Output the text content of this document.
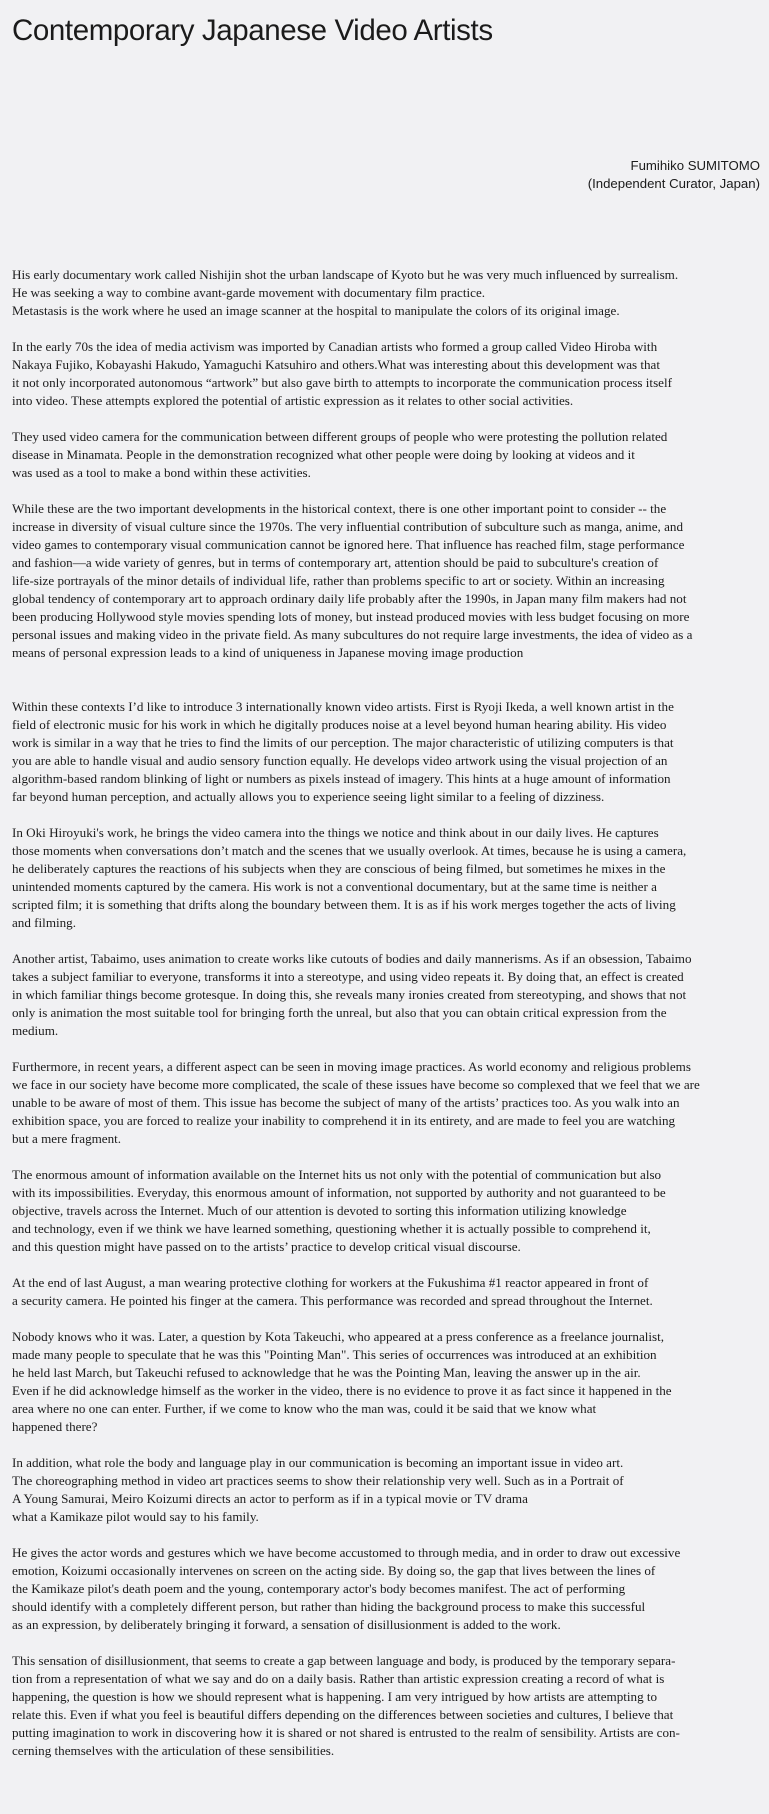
Contemporary Japanese Video Artists
Fumihiko SUMITOMO
(Independent Curator, Japan)

His early documentary work called Nishijin shot the urban landscape of Kyoto but he was very much influenced by surrealism.
He was seeking a way to combine avant-garde movement with documentary film practice.
Metastasis is the work where he used an image scanner at the hospital to manipulate the colors of its original image.

In the early 70s the idea of media activism was imported by Canadian artists who formed a group called Video Hiroba with
Nakaya Fujiko, Kobayashi Hakudo, Yamaguchi Katsuhiro and others.What was interesting about this development was that
it not only incorporated autonomous “artwork” but also gave birth to attempts to incorporate the communication process itself
into video. These attempts explored the potential of artistic expression as it relates to other social activities.

They used video camera for the communication between different groups of people who were protesting the pollution related
disease in Minamata. People in the demonstration recognized what other people were doing by looking at videos and it
was used as a tool to make a bond within these activities.

While these are the two important developments in the historical context, there is one other important point to consider -- the
increase in diversity of visual culture since the 1970s. The very influential contribution of subculture such as manga, anime, and
video games to contemporary visual communication cannot be ignored here. That influence has reached film, stage performance
and fashion—a wide variety of genres, but in terms of contemporary art, attention should be paid to subculture's creation of
life-size portrayals of the minor details of individual life, rather than problems specific to art or society. Within an increasing
global tendency of contemporary art to approach ordinary daily life probably after the 1990s, in Japan many film makers had not
been producing Hollywood style movies spending lots of money, but instead produced movies with less budget focusing on more
personal issues and making video in the private field. As many subcultures do not require large investments, the idea of video as a
means of personal expression leads to a kind of uniqueness in Japanese moving image production

Within these contexts I’d like to introduce 3 internationally known video artists. First is Ryoji Ikeda, a well known artist in the
field of electronic music for his work in which he digitally produces noise at a level beyond human hearing ability. His video
work is similar in a way that he tries to find the limits of our perception. The major characteristic of utilizing computers is that
you are able to handle visual and audio sensory function equally. He develops video artwork using the visual projection of an
algorithm-based random blinking of light or numbers as pixels instead of imagery. This hints at a huge amount of information
far beyond human perception, and actually allows you to experience seeing light similar to a feeling of dizziness.

In Oki Hiroyuki's work, he brings the video camera into the things we notice and think about in our daily lives. He captures
those moments when conversations don’t match and the scenes that we usually overlook. At times, because he is using a camera,
he deliberately captures the reactions of his subjects when they are conscious of being filmed, but sometimes he mixes in the
unintended moments captured by the camera. His work is not a conventional documentary, but at the same time is neither a
scripted film; it is something that drifts along the boundary between them. It is as if his work merges together the acts of living
and filming.

Another artist, Tabaimo, uses animation to create works like cutouts of bodies and daily mannerisms. As if an obsession, Tabaimo
takes a subject familiar to everyone, transforms it into a stereotype, and using video repeats it. By doing that, an effect is created
in which familiar things become grotesque. In doing this, she reveals many ironies created from stereotyping, and shows that not
only is animation the most suitable tool for bringing forth the unreal, but also that you can obtain critical expression from the
medium.

Furthermore, in recent years, a different aspect can be seen in moving image practices. As world economy and religious problems
we face in our society have become more complicated, the scale of these issues have become so complexed that we feel that we are
unable to be aware of most of them. This issue has become the subject of many of the artists’ practices too. As you walk into an
exhibition space, you are forced to realize your inability to comprehend it in its entirety, and are made to feel you are watching
but a mere fragment.

The enormous amount of information available on the Internet hits us not only with the potential of communication but also
with its impossibilities. Everyday, this enormous amount of information, not supported by authority and not guaranteed to be
objective, travels across the Internet. Much of our attention is devoted to sorting this information utilizing knowledge
and technology, even if we think we have learned something, questioning whether it is actually possible to comprehend it,
and this question might have passed on to the artists’ practice to develop critical visual discourse.

At the end of last August, a man wearing protective clothing for workers at the Fukushima #1 reactor appeared in front of
a security camera. He pointed his finger at the camera. This performance was recorded and spread throughout the Internet.

Nobody knows who it was. Later, a question by Kota Takeuchi, who appeared at a press conference as a freelance journalist,
made many people to speculate that he was this "Pointing Man". This series of occurrences was introduced at an exhibition
he held last March, but Takeuchi refused to acknowledge that he was the Pointing Man, leaving the answer up in the air.
Even if he did acknowledge himself as the worker in the video, there is no evidence to prove it as fact since it happened in the
area where no one can enter. Further, if we come to know who the man was, could it be said that we know what
happened there?

In addition, what role the body and language play in our communication is becoming an important issue in video art.
The choreographing method in video art practices seems to show their relationship very well. Such as in a Portrait of
A Young Samurai, Meiro Koizumi directs an actor to perform as if in a typical movie or TV drama
what a Kamikaze pilot would say to his family.

He gives the actor words and gestures which we have become accustomed to through media, and in order to draw out excessive
emotion, Koizumi occasionally intervenes on screen on the acting side. By doing so, the gap that lives between the lines of
the Kamikaze pilot's death poem and the young, contemporary actor's body becomes manifest. The act of performing
should identify with a completely different person, but rather than hiding the background process to make this successful
as an expression, by deliberately bringing it forward, a sensation of disillusionment is added to the work.

This sensation of disillusionment, that seems to create a gap between language and body, is produced by the temporary separa-
tion from a representation of what we say and do on a daily basis. Rather than artistic expression creating a record of what is
happening, the question is how we should represent what is happening. I am very intrigued by how artists are attempting to
relate this. Even if what you feel is beautiful differs depending on the differences between societies and cultures, I believe that
putting imagination to work in discovering how it is shared or not shared is entrusted to the realm of sensibility. Artists are con-
cerning themselves with the articulation of these sensibilities.
